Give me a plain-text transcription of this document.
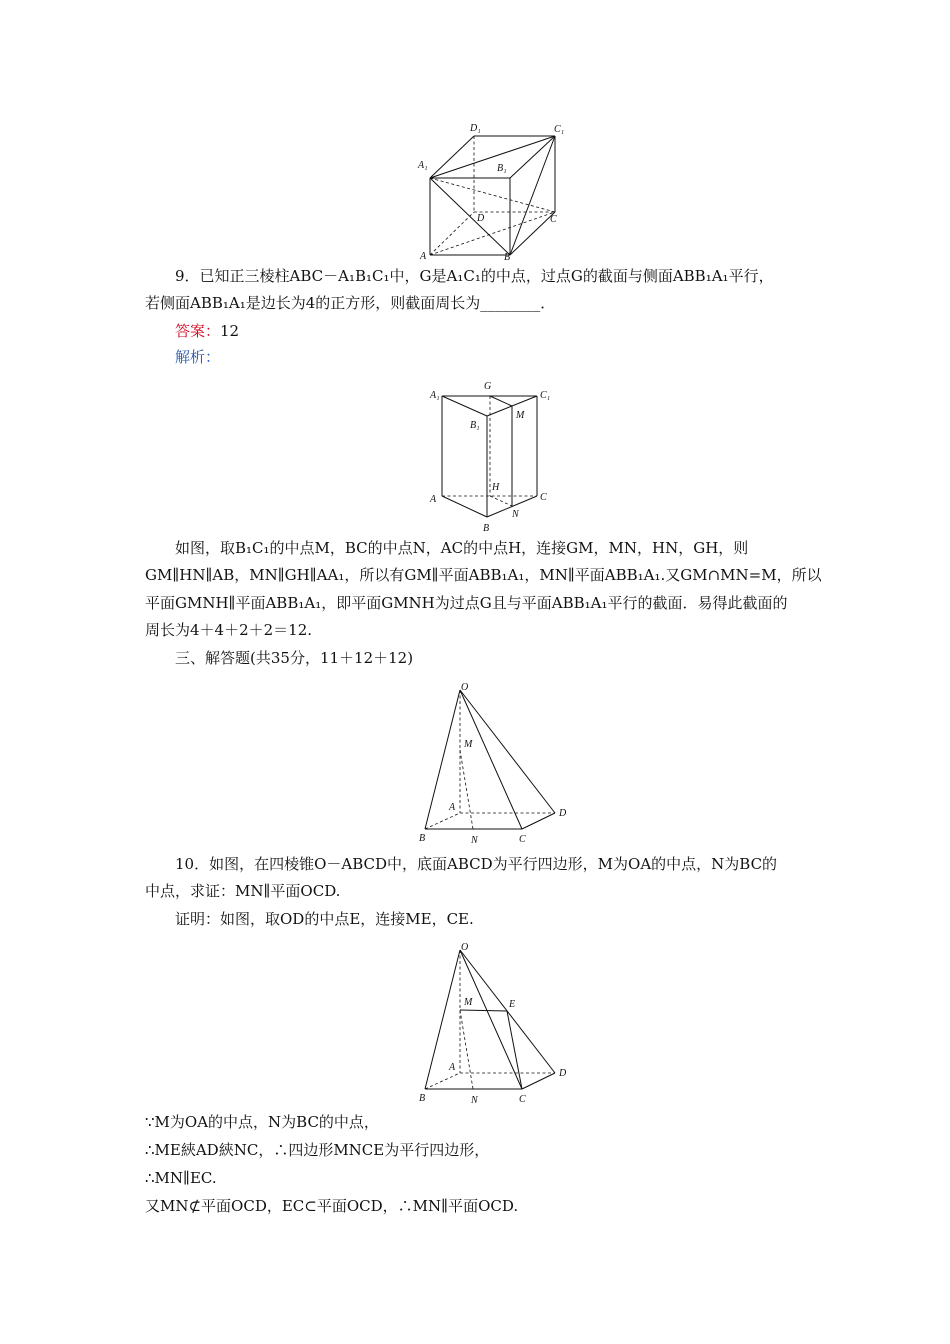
D₁	C₁
A₁	B₁
D	C
A	B
9．已知正三棱柱ABC－A₁B₁C₁中，G是A₁C₁的中点，过点G的截面与侧面ABB₁A₁平行，
若侧面ABB₁A₁是边长为4的正方形，则截面周长为________．
答案：12
解析：
G
A₁	C₁
B₁
M
H
A	C
N
B
如图，取B₁C₁的中点M，BC的中点N，AC的中点H，连接GM，MN，HN，GH，则
GM∥HN∥AB，MN∥GH∥AA₁，所以有GM∥平面ABB₁A₁，MN∥平面ABB₁A₁.又GM∩MN=M，所以
平面GMNH∥平面ABB₁A₁，即平面GMNH为过点G且与平面ABB₁A₁平行的截面．易得此截面的
周长为4＋4＋2＋2＝12.
三、解答题(共35分，11＋12＋12)
O
M
A
D
B	N	C
10．如图，在四棱锥O－ABCD中，底面ABCD为平行四边形，M为OA的中点，N为BC的
中点，求证：MN∥平面OCD.
证明：如图，取OD的中点E，连接ME，CE.
O
M	E
A
D
B	N	C
∵M为OA的中点，N为BC的中点，
∴ME綊AD綊NC，∴四边形MNCE为平行四边形，
∴MN∥EC.
又MN⊄平面OCD，EC⊂平面OCD，∴MN∥平面OCD.
